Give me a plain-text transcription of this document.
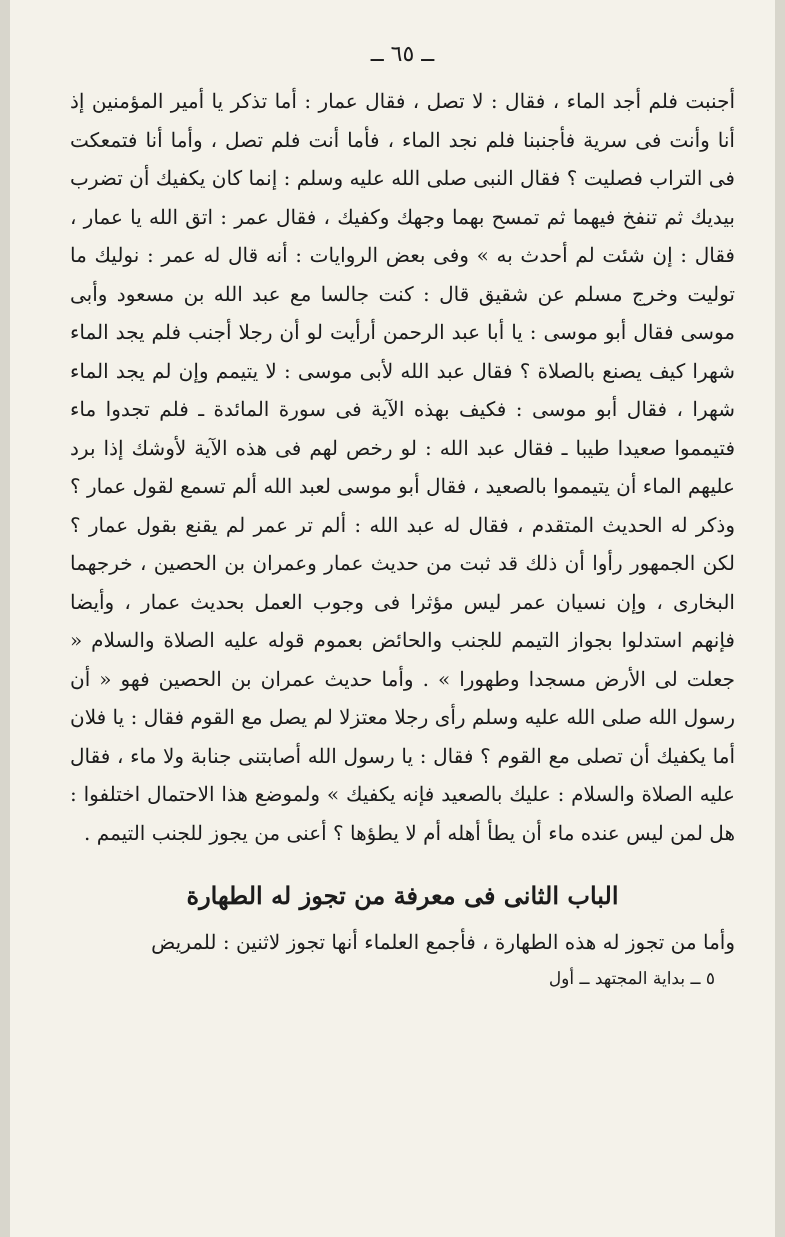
ــ ٦٥ ــ

أجنبت فلم أجد الماء ، فقال : لا تصل ، فقال عمار : أما تذكر يا أمير المؤمنين إذ أنا وأنت فى سرية فأجنبنا فلم نجد الماء ، فأما أنت فلم تصل ، وأما أنا فتمعكت فى التراب فصليت ؟ فقال النبى صلى الله عليه وسلم : إنما كان يكفيك أن تضرب بيديك ثم تنفخ فيهما ثم تمسح بهما وجهك وكفيك ، فقال عمر : اتق الله يا عمار ، فقال : إن شئت لم أحدث به » وفى بعض الروايات : أنه قال له عمر : نوليك ما توليت وخرج مسلم عن شقيق قال : كنت جالسا مع عبد الله بن مسعود وأبى موسى فقال أبو موسى : يا أبا عبد الرحمن أرأيت لو أن رجلا أجنب فلم يجد الماء شهرا كيف يصنع بالصلاة ؟ فقال عبد الله لأبى موسى : لا يتيمم وإن لم يجد الماء شهرا ، فقال أبو موسى : فكيف بهذه الآية فى سورة المائدة ـ فلم تجدوا ماء فتيمموا صعيدا طيبا ـ فقال عبد الله : لو رخص لهم فى هذه الآية لأوشك إذا برد عليهم الماء أن يتيمموا بالصعيد ، فقال أبو موسى لعبد الله ألم تسمع لقول عمار ؟ وذكر له الحديث المتقدم ، فقال له عبد الله : ألم تر عمر لم يقنع بقول عمار ؟ لكن الجمهور رأوا أن ذلك قد ثبت من حديث عمار وعمران بن الحصين ، خرجهما البخارى ، وإن نسيان عمر ليس مؤثرا فى وجوب العمل بحديث عمار ، وأيضا فإنهم استدلوا بجواز التيمم للجنب والحائض بعموم قوله عليه الصلاة والسلام « جعلت لى الأرض مسجدا وطهورا » . وأما حديث عمران بن الحصين فهو « أن رسول الله صلى الله عليه وسلم رأى رجلا معتزلا لم يصل مع القوم فقال : يا فلان أما يكفيك أن تصلى مع القوم ؟ فقال : يا رسول الله أصابتنى جنابة ولا ماء ، فقال عليه الصلاة والسلام : عليك بالصعيد فإنه يكفيك » ولموضع هذا الاحتمال اختلفوا : هل لمن ليس عنده ماء أن يطأ أهله أم لا يطؤها ؟ أعنى من يجوز للجنب التيمم .

الباب الثانى فى معرفة من تجوز له الطهارة

وأما من تجوز له هذه الطهارة ، فأجمع العلماء أنها تجوز لاثنين : للمريض

٥ ــ بداية المجتهد ــ أول
